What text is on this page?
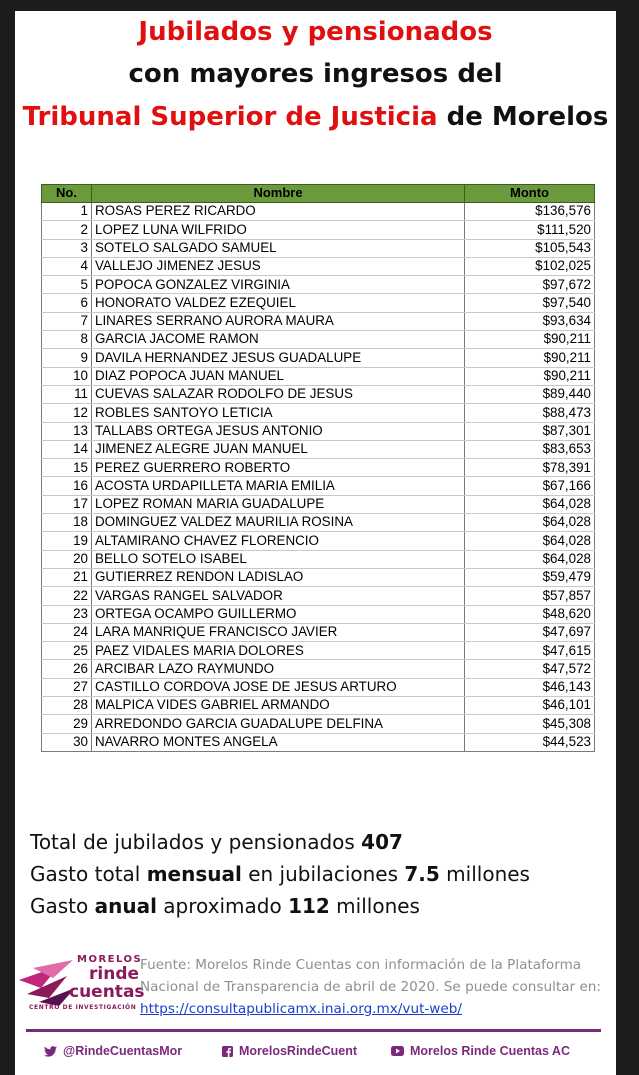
Jubilados y pensionados
con mayores ingresos del
Tribunal Superior de Justicia de Morelos
No.	Nombre	Monto
1	ROSAS PEREZ RICARDO	$136,576
2	LOPEZ LUNA WILFRIDO	$111,520
3	SOTELO SALGADO SAMUEL	$105,543
4	VALLEJO JIMENEZ JESUS	$102,025
5	POPOCA GONZALEZ VIRGINIA	$97,672
6	HONORATO VALDEZ EZEQUIEL	$97,540
7	LINARES SERRANO AURORA MAURA	$93,634
8	GARCIA JACOME RAMON	$90,211
9	DAVILA HERNANDEZ JESUS GUADALUPE	$90,211
10	DIAZ POPOCA JUAN MANUEL	$90,211
11	CUEVAS SALAZAR RODOLFO DE JESUS	$89,440
12	ROBLES SANTOYO LETICIA	$88,473
13	TALLABS ORTEGA JESUS ANTONIO	$87,301
14	JIMENEZ ALEGRE JUAN MANUEL	$83,653
15	PEREZ GUERRERO ROBERTO	$78,391
16	ACOSTA URDAPILLETA MARIA EMILIA	$67,166
17	LOPEZ ROMAN MARIA GUADALUPE	$64,028
18	DOMINGUEZ VALDEZ MAURILIA ROSINA	$64,028
19	ALTAMIRANO CHAVEZ FLORENCIO	$64,028
20	BELLO SOTELO ISABEL	$64,028
21	GUTIERREZ RENDON LADISLAO	$59,479
22	VARGAS RANGEL SALVADOR	$57,857
23	ORTEGA OCAMPO GUILLERMO	$48,620
24	LARA MANRIQUE FRANCISCO JAVIER	$47,697
25	PAEZ VIDALES MARIA DOLORES	$47,615
26	ARCIBAR LAZO RAYMUNDO	$47,572
27	CASTILLO CORDOVA JOSE DE JESUS ARTURO	$46,143
28	MALPICA VIDES GABRIEL ARMANDO	$46,101
29	ARREDONDO GARCIA GUADALUPE DELFINA	$45,308
30	NAVARRO MONTES ANGELA	$44,523
Total de jubilados y pensionados 407
Gasto total mensual en jubilaciones 7.5 millones
Gasto anual aproximado 112 millones
MORELOS
rinde
cuentas
CENTRO DE INVESTIGACIÓN
Fuente: Morelos Rinde Cuentas con información de la Plataforma Nacional de Transparencia de abril de 2020. Se puede consultar en: https://consultapublicamx.inai.org.mx/vut-web/
@RindeCuentasMor	MorelosRindeCuent	Morelos Rinde Cuentas AC
